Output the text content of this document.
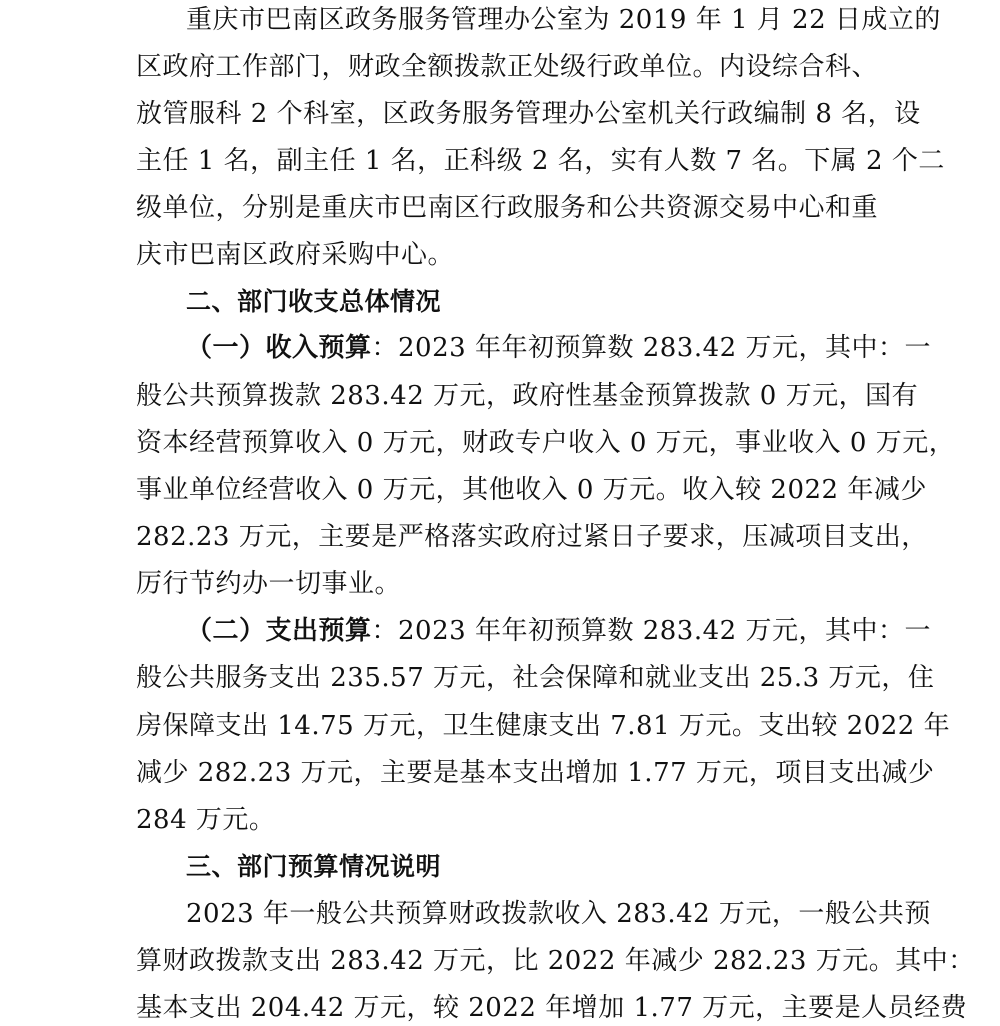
重庆市巴南区政务服务管理办公室为 2019 年 1 月 22 日成立的
区政府工作部门，财政全额拨款正处级行政单位。内设综合科、
放管服科 2 个科室，区政务服务管理办公室机关行政编制 8 名，设
主任 1 名，副主任 1 名，正科级 2 名，实有人数 7 名。下属 2 个二
级单位，分别是重庆市巴南区行政服务和公共资源交易中心和重
庆市巴南区政府采购中心。
二、部门收支总体情况
（一）收入预算：2023 年年初预算数 283.42 万元，其中：一
般公共预算拨款 283.42 万元，政府性基金预算拨款 0 万元，国有
资本经营预算收入 0 万元，财政专户收入 0 万元，事业收入 0 万元，
事业单位经营收入 0 万元，其他收入 0 万元。收入较 2022 年减少
282.23 万元，主要是严格落实政府过紧日子要求，压减项目支出，
厉行节约办一切事业。
（二）支出预算：2023 年年初预算数 283.42 万元，其中：一
般公共服务支出 235.57 万元，社会保障和就业支出 25.3 万元，住
房保障支出 14.75 万元，卫生健康支出 7.81 万元。支出较 2022 年
减少 282.23 万元，主要是基本支出增加 1.77 万元，项目支出减少
284 万元。
三、部门预算情况说明
2023 年一般公共预算财政拨款收入 283.42 万元，一般公共预
算财政拨款支出 283.42 万元，比 2022 年减少 282.23 万元。其中：
基本支出 204.42 万元，较 2022 年增加 1.77 万元，主要是人员经费
